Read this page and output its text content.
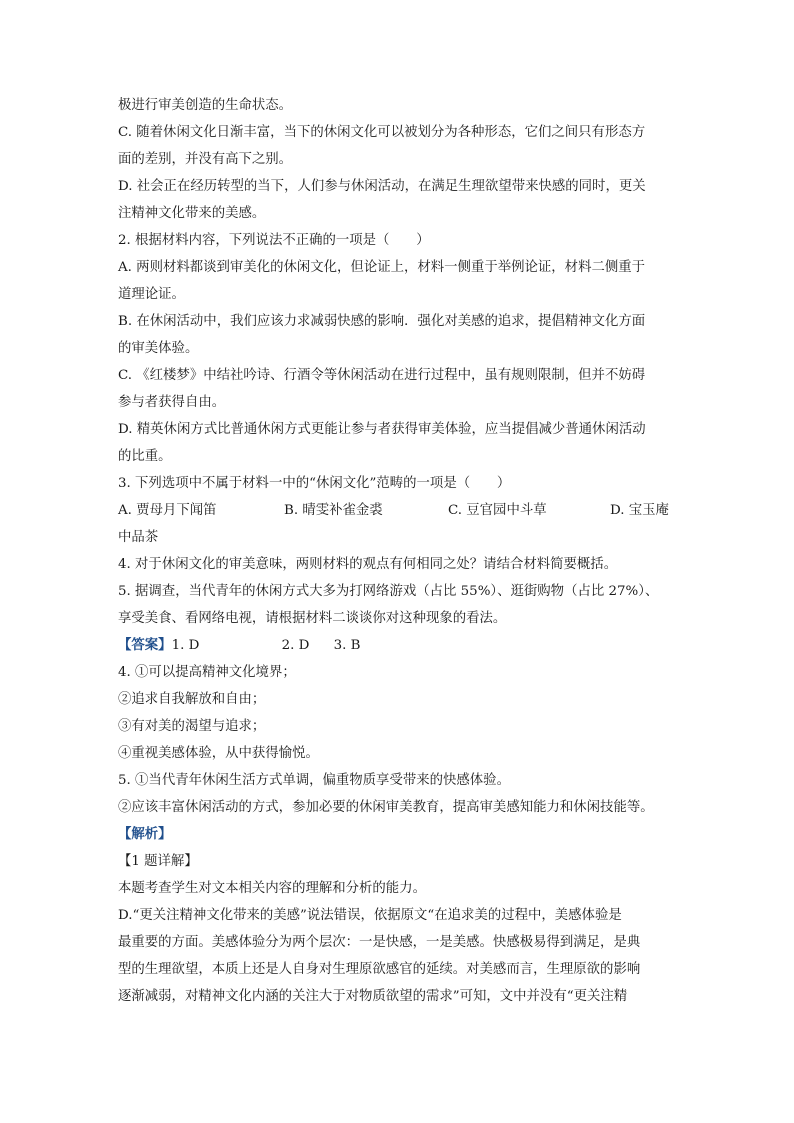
极进行审美创造的生命状态。
C. 随着休闲文化日渐丰富，当下的休闲文化可以被划分为各种形态，它们之间只有形态方
面的差别，并没有高下之别。
D. 社会正在经历转型的当下，人们参与休闲活动，在满足生理欲望带来快感的同时，更关
注精神文化带来的美感。
2. 根据材料内容，下列说法不正确的一项是（　　）
A. 两则材料都谈到审美化的休闲文化，但论证上，材料一侧重于举例论证，材料二侧重于
道理论证。
B. 在休闲活动中，我们应该力求减弱快感的影响．强化对美感的追求，提倡精神文化方面
的审美体验。
C. 《红楼梦》中结社吟诗、行酒令等休闲活动在进行过程中，虽有规则限制，但并不妨碍
参与者获得自由。
D. 精英休闲方式比普通休闲方式更能让参与者获得审美体验，应当提倡减少普通休闲活动
的比重。
3. 下列选项中不属于材料一中的“休闲文化”范畴的一项是（　　）
A. 贾母月下闻笛	B. 晴雯补雀金裘	C. 豆官园中斗草	D. 宝玉庵
中品茶
4. 对于休闲文化的审美意味，两则材料的观点有何相同之处？请结合材料简要概括。
5. 据调查，当代青年的休闲方式大多为打网络游戏（占比 55%）、逛街购物（占比 27%）、
享受美食、看网络电视，请根据材料二谈谈你对这种现象的看法。
【答案】1. D	2. D 3. B
4. ①可以提高精神文化境界；
②追求自我解放和自由；
③有对美的渴望与追求；
④重视美感体验，从中获得愉悦。
5. ①当代青年休闲生活方式单调，偏重物质享受带来的快感体验。
②应该丰富休闲活动的方式，参加必要的休闲审美教育，提高审美感知能力和休闲技能等。
【解析】
【1 题详解】
本题考查学生对文本相关内容的理解和分析的能力。
D.“更关注精神文化带来的美感”说法错误，依据原文“在追求美的过程中，美感体验是
最重要的方面。美感体验分为两个层次：一是快感，一是美感。快感极易得到满足，是典
型的生理欲望，本质上还是人自身对生理原欲感官的延续。对美感而言，生理原欲的影响
逐渐减弱，对精神文化内涵的关注大于对物质欲望的需求”可知，文中并没有“更关注精
